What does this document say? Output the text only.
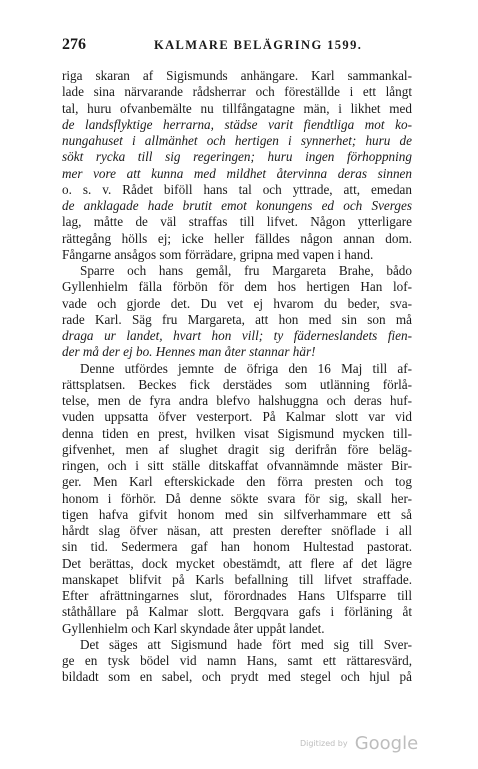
276	KALMARE BELÄGRING 1599.
riga skaran af Sigismunds anhängare. Karl sammankal-
lade sina närvarande rådsherrar och föreställde i ett långt
tal, huru ofvanbemälte nu tillfångatagne män, i likhet med
de landsflyktige herrarna, städse varit fiendtliga mot ko-
nungahuset i allmänhet och hertigen i synnerhet; huru de
sökt rycka till sig regeringen; huru ingen förhoppning
mer vore att kunna med mildhet återvinna deras sinnen
o. s. v. Rådet biföll hans tal och yttrade, att, emedan
de anklagade hade brutit emot konungens ed och Sverges
lag, måtte de väl straffas till lifvet. Någon ytterligare
rättegång hölls ej; icke heller fälldes någon annan dom.
Fångarne ansågos som förrädare, gripna med vapen i hand.
Sparre och hans gemål, fru Margareta Brahe, bådo
Gyllenhielm fälla förbön för dem hos hertigen Han lof-
vade och gjorde det. Du vet ej hvarom du beder, sva-
rade Karl. Säg fru Margareta, att hon med sin son må
draga ur landet, hvart hon vill; ty fäderneslandets fien-
der må der ej bo. Hennes man åter stannar här!
Denne utfördes jemnte de öfriga den 16 Maj till af-
rättsplatsen. Beckes fick derstädes som utlänning förlå-
telse, men de fyra andra blefvo halshuggna och deras huf-
vuden uppsatta öfver vesterport. På Kalmar slott var vid
denna tiden en prest, hvilken visat Sigismund mycken till-
gifvenhet, men af slughet dragit sig derifrån före beläg-
ringen, och i sitt ställe ditskaffat ofvannämnde mäster Bir-
ger. Men Karl efterskickade den förra presten och tog
honom i förhör. Då denne sökte svara för sig, skall her-
tigen hafva gifvit honom med sin silfverhammare ett så
hårdt slag öfver näsan, att presten derefter snöflade i all
sin tid. Sedermera gaf han honom Hultestad pastorat.
Det berättas, dock mycket obestämdt, att flere af det lägre
manskapet blifvit på Karls befallning till lifvet straffade.
Efter afrättningarnes slut, förordnades Hans Ulfsparre till
ståthållare på Kalmar slott. Bergqvara gafs i förläning åt
Gyllenhielm och Karl skyndade åter uppåt landet.
Det säges att Sigismund hade fört med sig till Sver-
ge en tysk bödel vid namn Hans, samt ett rättaresvärd,
bildadt som en sabel, och prydt med stegel och hjul på
Digitized by Google
